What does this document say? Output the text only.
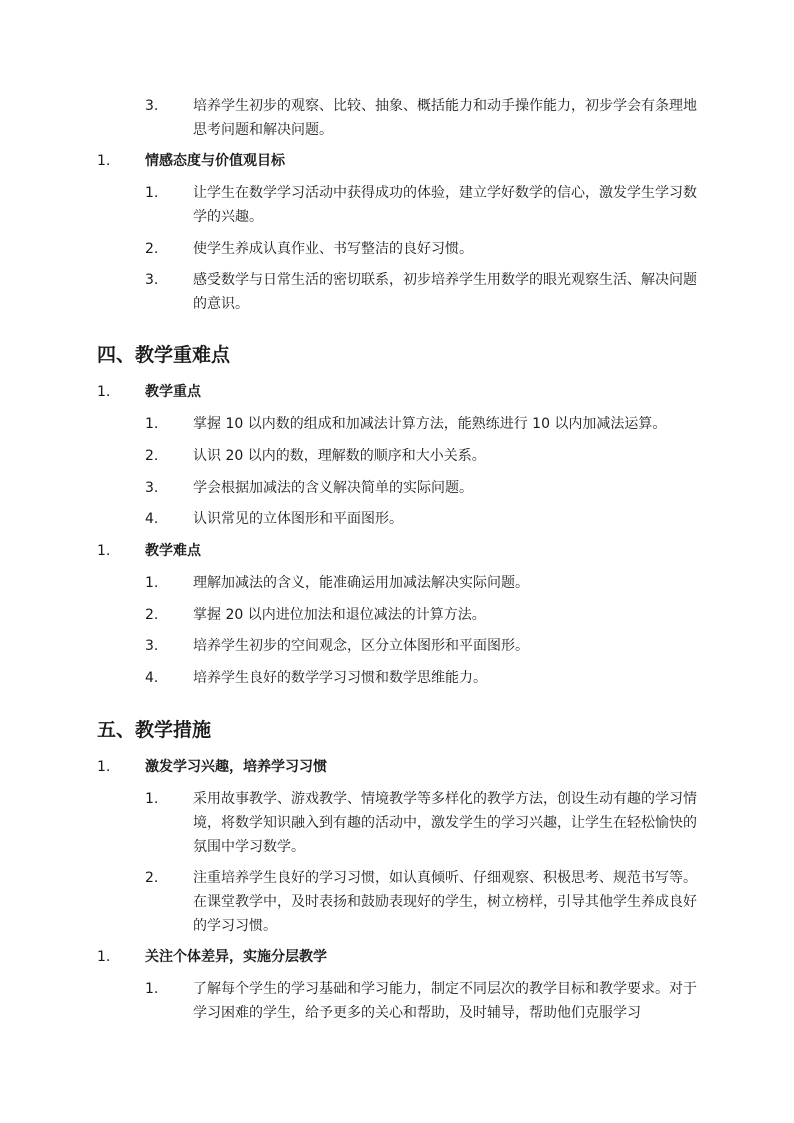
3. 培养学生初步的观察、比较、抽象、概括能力和动手操作能力，初步学会有条理地思考问题和解决问题。
1. 情感态度与价值观目标
1. 让学生在数学学习活动中获得成功的体验，建立学好数学的信心，激发学生学习数学的兴趣。
2. 使学生养成认真作业、书写整洁的良好习惯。
3. 感受数学与日常生活的密切联系，初步培养学生用数学的眼光观察生活、解决问题的意识。
四、教学重难点
1. 教学重点
1. 掌握 10 以内数的组成和加减法计算方法，能熟练进行 10 以内加减法运算。
2. 认识 20 以内的数，理解数的顺序和大小关系。
3. 学会根据加减法的含义解决简单的实际问题。
4. 认识常见的立体图形和平面图形。
1. 教学难点
1. 理解加减法的含义，能准确运用加减法解决实际问题。
2. 掌握 20 以内进位加法和退位减法的计算方法。
3. 培养学生初步的空间观念，区分立体图形和平面图形。
4. 培养学生良好的数学学习习惯和数学思维能力。
五、教学措施
1. 激发学习兴趣，培养学习习惯
1. 采用故事教学、游戏教学、情境教学等多样化的教学方法，创设生动有趣的学习情境，将数学知识融入到有趣的活动中，激发学生的学习兴趣，让学生在轻松愉快的氛围中学习数学。
2. 注重培养学生良好的学习习惯，如认真倾听、仔细观察、积极思考、规范书写等。在课堂教学中，及时表扬和鼓励表现好的学生，树立榜样，引导其他学生养成良好的学习习惯。
1. 关注个体差异，实施分层教学
1. 了解每个学生的学习基础和学习能力，制定不同层次的教学目标和教学要求。对于学习困难的学生，给予更多的关心和帮助，及时辅导，帮助他们克服学习
